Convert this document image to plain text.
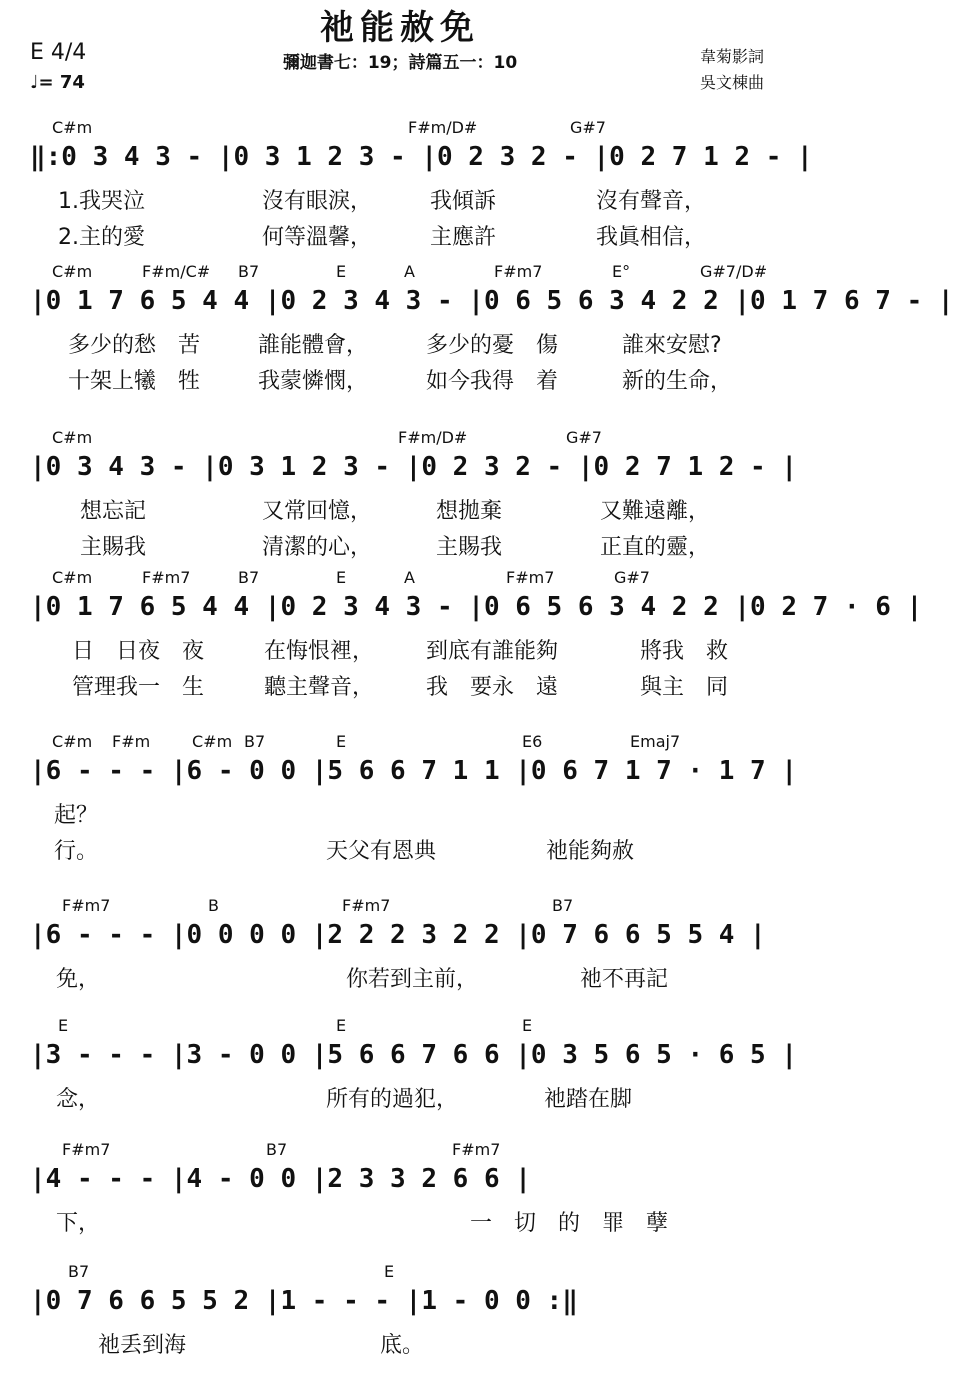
祂能赦免
E 4/4
♩= 74
彌迦書七：19；詩篇五一：10	韋菊影詞
吳文棟曲
C#m	F#m/D#	G#7
‖:0 3 4 3 - |0 3 1 2 3 - |0 2 3 2 - |0 2 7 1 2 - |
1.我哭泣	沒有眼淚，	我傾訴	沒有聲音，
2.主的愛	何等溫馨，	主應許	我眞相信，
C#m	F#m/C# B7	E	A	F#m7	E°	G#7/D#
|0 1 7 6 5 4 4 |0 2 3 4 3 - |0 6 5 6 3 4 2 2 |0 1 7 6 7 - |
多少的愁　苦	誰能體會，	多少的憂　傷	誰來安慰?
十架上犧　牲	我蒙憐憫，	如今我得　着	新的生命，
C#m	F#m/D#	G#7
|0 3 4 3 - |0 3 1 2 3 - |0 2 3 2 - |0 2 7 1 2 - |
想忘記	又常回憶，	想拋棄	又難遠離，
主賜我	清潔的心，	主賜我	正直的靈，
C#m	F#m7	B7	E	A	F#m7	G#7
|0 1 7 6 5 4 4 |0 2 3 4 3 - |0 6 5 6 3 4 2 2 |0 2 7 · 6 |
日　日夜　夜	在悔恨裡， 到底有誰能夠	將我　救
管理我一　生	聽主聲音， 我　要永　遠	與主　同
C#m F#m	C#m B7	E	E6	Emaj7
|6 - - - |6 - 0 0 |5 6 6 7 1 1 |0 6 7 1 7 · 1 7 |
起？
行。	天父有恩典	祂能夠赦
F#m7	B	F#m7	B7
|6 - - - |0 0 0 0 |2 2 2 3 2 2 |0 7 6 6 5 5 4 |
免，	你若到主前，	祂不再記
E	E	E
|3 - - - |3 - 0 0 |5 6 6 7 6 6 |0 3 5 6 5 · 6 5 |
念，	所有的過犯，	祂踏在脚
F#m7	B7	F#m7
|4 - - - |4 - 0 0 |2 3 3 2 6 6 |
下，	一　切　的　罪　孽
B7	E
|0 7 6 6 5 5 2 |1 - - - |1 - 0 0 :‖
祂丢到海	底。
